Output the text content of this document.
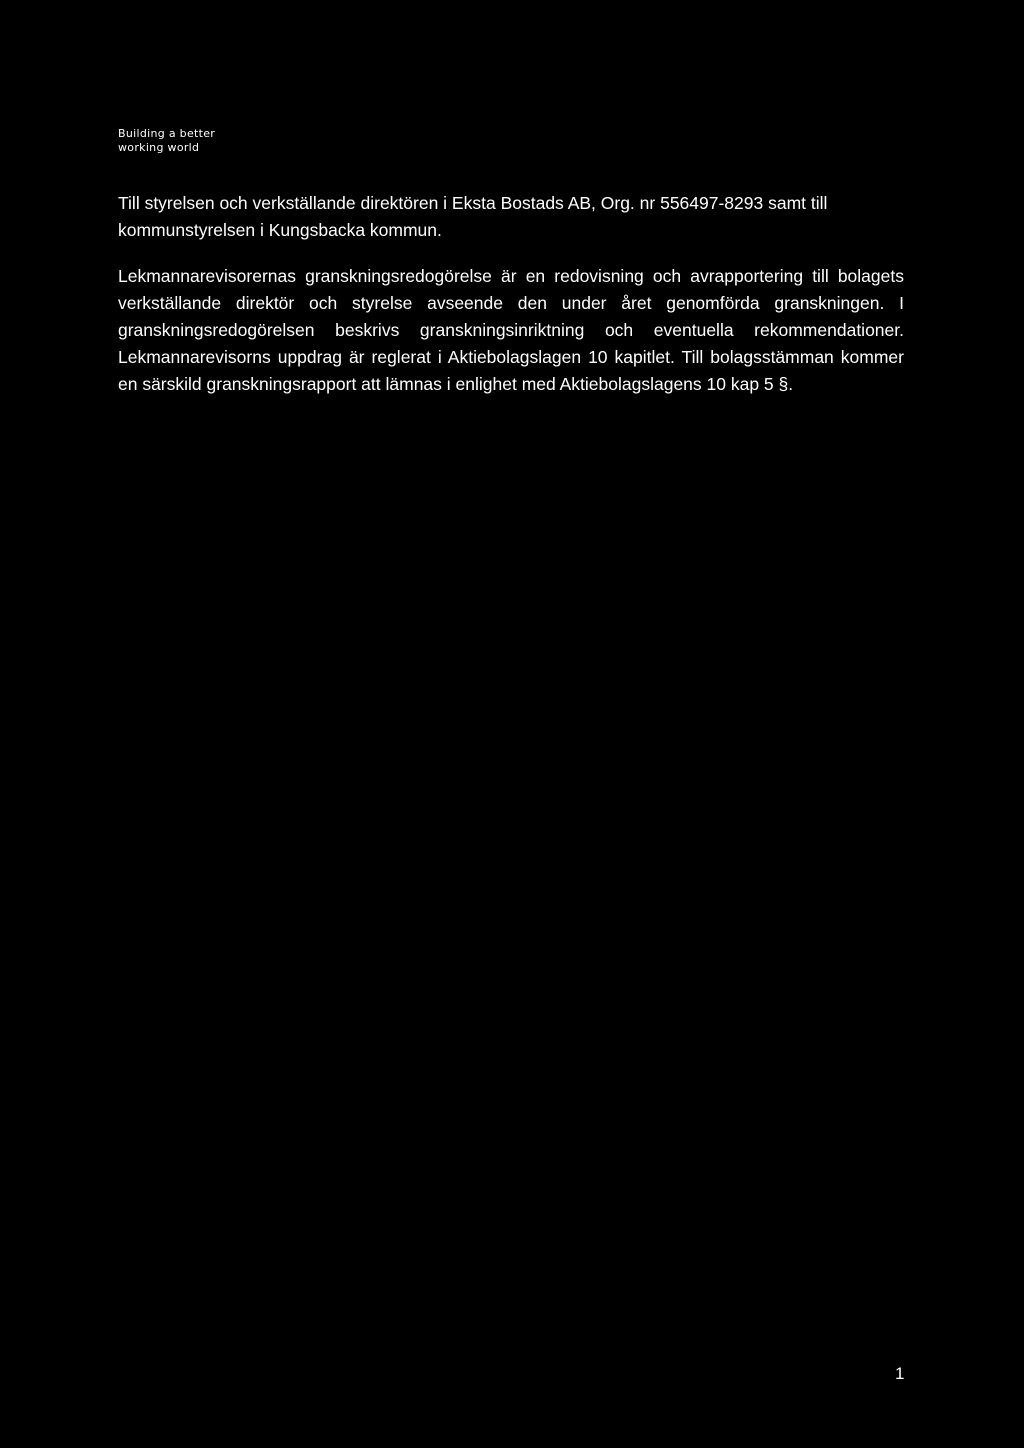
Building a better
working world

Till styrelsen och verkställande direktören i Eksta Bostads AB, Org. nr 556497-8293 samt till kommunstyrelsen i Kungsbacka kommun.

Lekmannarevisorernas granskningsredogörelse är en redovisning och avrapportering till bolagets verkställande direktör och styrelse avseende den under året genomförda granskningen. I granskningsredogörelsen beskrivs granskningsinriktning och eventuella rekommendationer. Lekmannarevisorns uppdrag är reglerat i Aktiebolagslagen 10 kapitlet. Till bolagsstämman kommer en särskild granskningsrapport att lämnas i enlighet med Aktiebolagslagens 10 kap 5 §.

1
